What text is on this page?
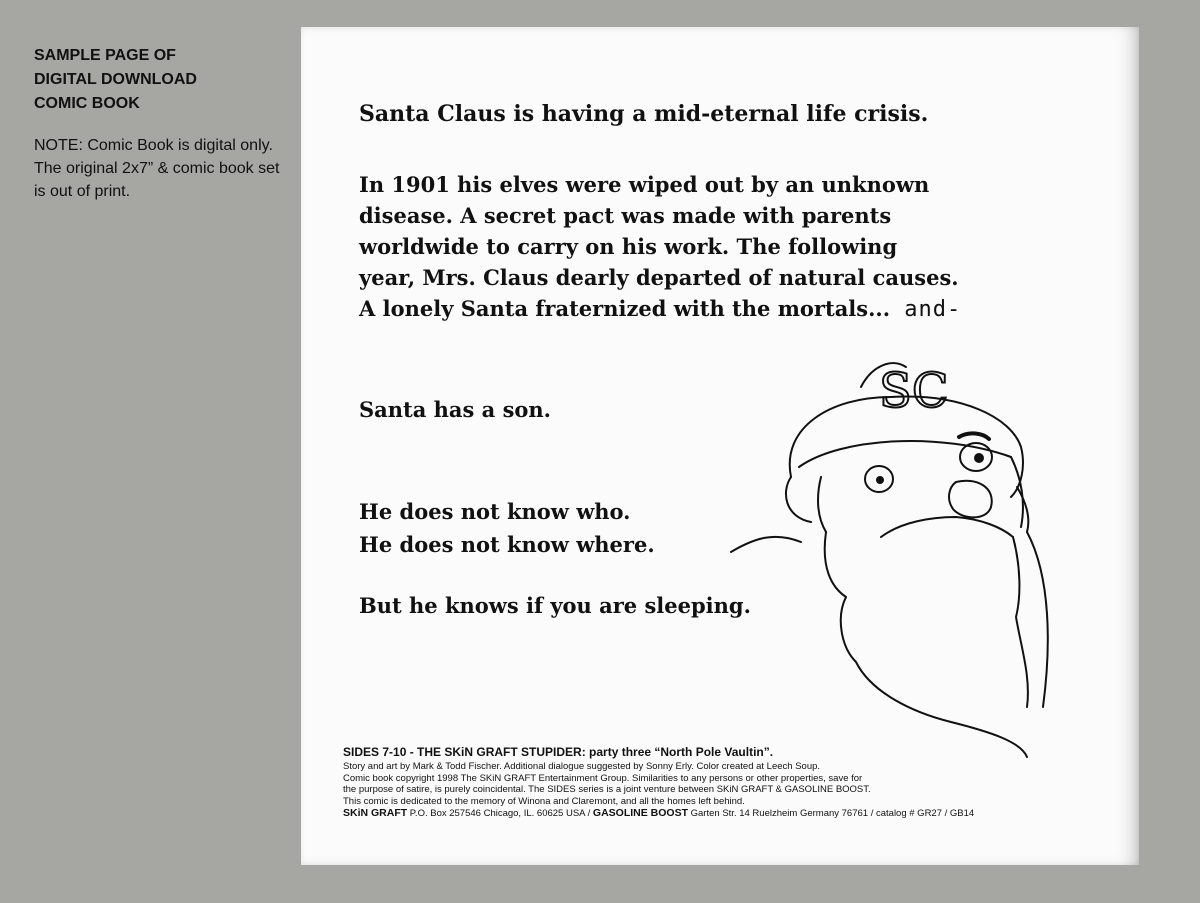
SAMPLE PAGE OF
DIGITAL DOWNLOAD
COMIC BOOK

NOTE: Comic Book is digital only. The original 2x7” & comic book set is out of print.

Santa Claus is having a mid-eternal life crisis.

In 1901 his elves were wiped out by an unknown
disease. A secret pact was made with parents
worldwide to carry on his work. The following
year, Mrs. Claus dearly departed of natural causes.
A lonely Santa fraternized with the mortals... and-

Santa has a son.

He does not know who.
He does not know where.

But he knows if you are sleeping.

SC

SIDES 7-10 - THE SKiN GRAFT STUPIDER: party three “North Pole Vaultin”.

Story and art by Mark & Todd Fischer. Additional dialogue suggested by Sonny Erly. Color created at Leech Soup.

Comic book copyright 1998 The SKiN GRAFT Entertainment Group. Similarities to any persons or other properties, save for

the purpose of satire, is purely coincidental. The SIDES series is a joint venture between SKiN GRAFT & GASOLINE BOOST.

This comic is dedicated to the memory of Winona and Claremont, and all the homes left behind.

SKiN GRAFT P.O. Box 257546 Chicago, IL. 60625 USA / GASOLINE BOOST Garten Str. 14 Ruelzheim Germany 76761 / catalog # GR27 / GB14
